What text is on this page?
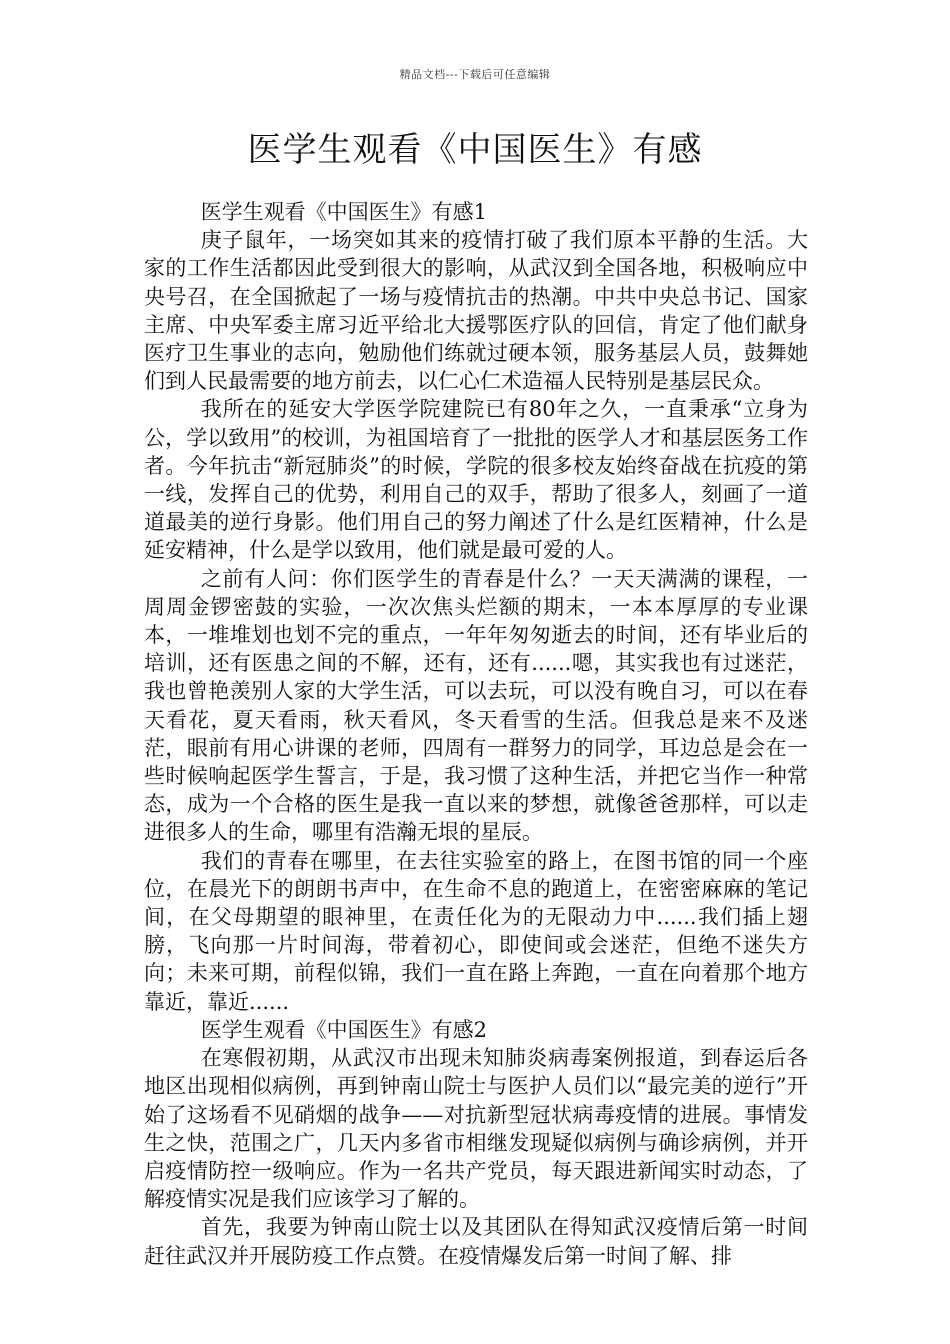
精品文档---下载后可任意编辑
医学生观看《中国医生》有感

医学生观看《中国医生》有感1

庚子鼠年，一场突如其来的疫情打破了我们原本平静的生活。大家的工作生活都因此受到很大的影响，从武汉到全国各地，积极响应中央号召，在全国掀起了一场与疫情抗击的热潮。中共中央总书记、国家主席、中央军委主席习近平给北大援鄂医疗队的回信，肯定了他们献身医疗卫生事业的志向，勉励他们练就过硬本领，服务基层人员，鼓舞她们到人民最需要的地方前去，以仁心仁术造福人民特别是基层民众。

我所在的延安大学医学院建院已有80年之久，一直秉承“立身为公，学以致用”的校训，为祖国培育了一批批的医学人才和基层医务工作者。今年抗击“新冠肺炎”的时候，学院的很多校友始终奋战在抗疫的第一线，发挥自己的优势，利用自己的双手，帮助了很多人，刻画了一道道最美的逆行身影。他们用自己的努力阐述了什么是红医精神，什么是延安精神，什么是学以致用，他们就是最可爱的人。

之前有人问：你们医学生的青春是什么？一天天满满的课程，一周周金锣密鼓的实验，一次次焦头烂额的期末，一本本厚厚的专业课本，一堆堆划也划不完的重点，一年年匆匆逝去的时间，还有毕业后的培训，还有医患之间的不解，还有，还有......嗯，其实我也有过迷茫，我也曾艳羡别人家的大学生活，可以去玩，可以没有晚自习，可以在春天看花，夏天看雨，秋天看风，冬天看雪的生活。但我总是来不及迷茫，眼前有用心讲课的老师，四周有一群努力的同学，耳边总是会在一些时候响起医学生誓言，于是，我习惯了这种生活，并把它当作一种常态，成为一个合格的医生是我一直以来的梦想，就像爸爸那样，可以走进很多人的生命，哪里有浩瀚无垠的星辰。

我们的青春在哪里，在去往实验室的路上，在图书馆的同一个座位，在晨光下的朗朗书声中，在生命不息的跑道上，在密密麻麻的笔记间，在父母期望的眼神里，在责任化为的无限动力中......我们插上翅膀，飞向那一片时间海，带着初心，即使间或会迷茫，但绝不迷失方向；未来可期，前程似锦，我们一直在路上奔跑，一直在向着那个地方靠近，靠近......

医学生观看《中国医生》有感2

在寒假初期，从武汉市出现未知肺炎病毒案例报道，到春运后各地区出现相似病例，再到钟南山院士与医护人员们以“最完美的逆行”开始了这场看不见硝烟的战争——对抗新型冠状病毒疫情的进展。事情发生之快，范围之广，几天内多省市相继发现疑似病例与确诊病例，并开启疫情防控一级响应。作为一名共产党员，每天跟进新闻实时动态，了解疫情实况是我们应该学习了解的。

首先，我要为钟南山院士以及其团队在得知武汉疫情后第一时间赶往武汉并开展防疫工作点赞。在疫情爆发后第一时间了解、排
